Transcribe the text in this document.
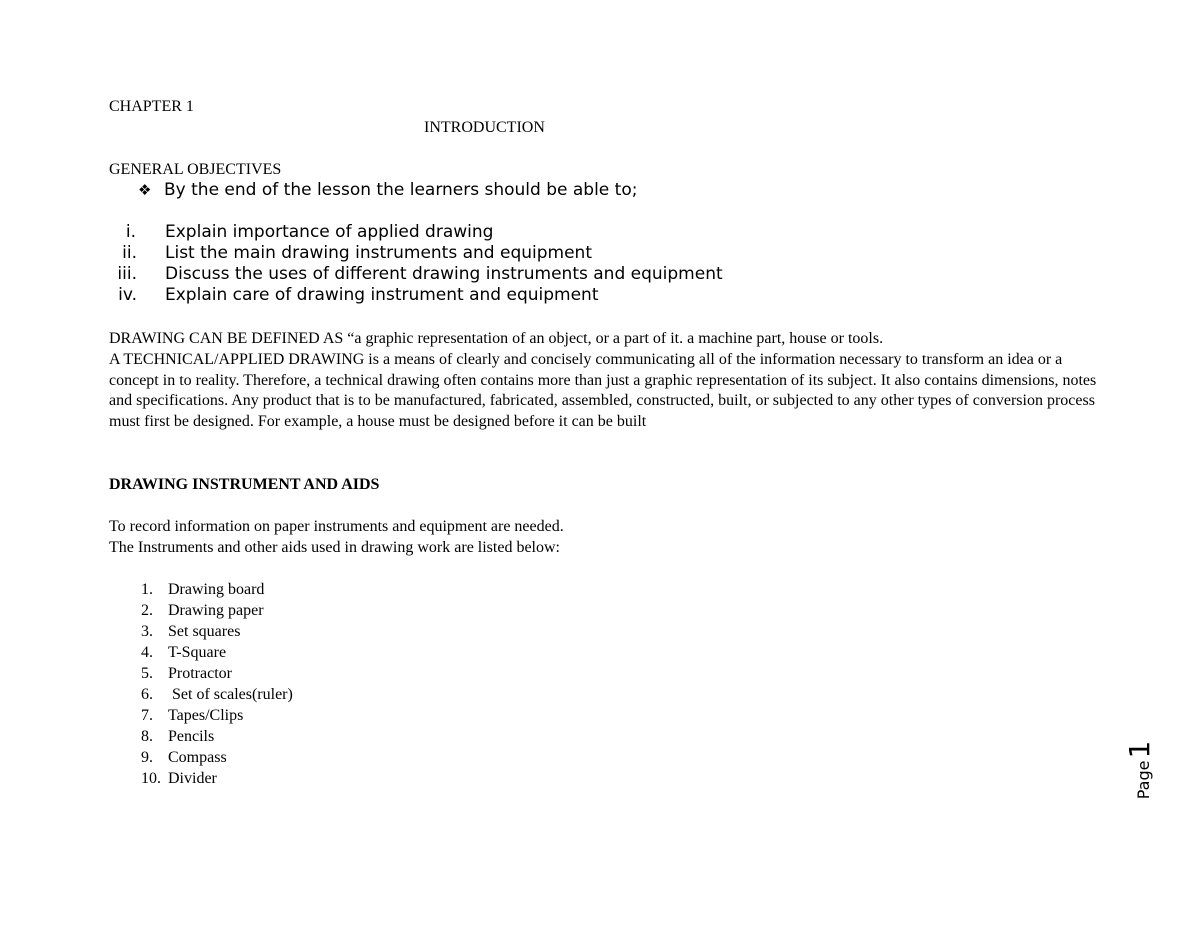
CHAPTER 1
INTRODUCTION
GENERAL OBJECTIVES
❖ By the end of the lesson the learners should be able to;
i. Explain importance of applied drawing
ii. List the main drawing instruments and equipment
iii. Discuss the uses of different drawing instruments and equipment
iv. Explain care of drawing instrument and equipment

DRAWING CAN BE DEFINED AS “a graphic representation of an object, or a part of it. a machine part, house or tools.

A TECHNICAL/APPLIED DRAWING is a means of clearly and concisely communicating all of the information necessary to transform an idea or a concept in to reality. Therefore, a technical drawing often contains more than just a graphic representation of its subject. It also contains dimensions, notes and specifications. Any product that is to be manufactured, fabricated, assembled, constructed, built, or subjected to any other types of conversion process must first be designed. For example, a house must be designed before it can be built

DRAWING INSTRUMENT AND AIDS
To record information on paper instruments and equipment are needed.
The Instruments and other aids used in drawing work are listed below:
1. Drawing board
2. Drawing paper
3. Set squares
4. T-Square
5. Protractor
6. Set of scales(ruler)
7. Tapes/Clips
8. Pencils
9. Compass
10. Divider	Page
1
